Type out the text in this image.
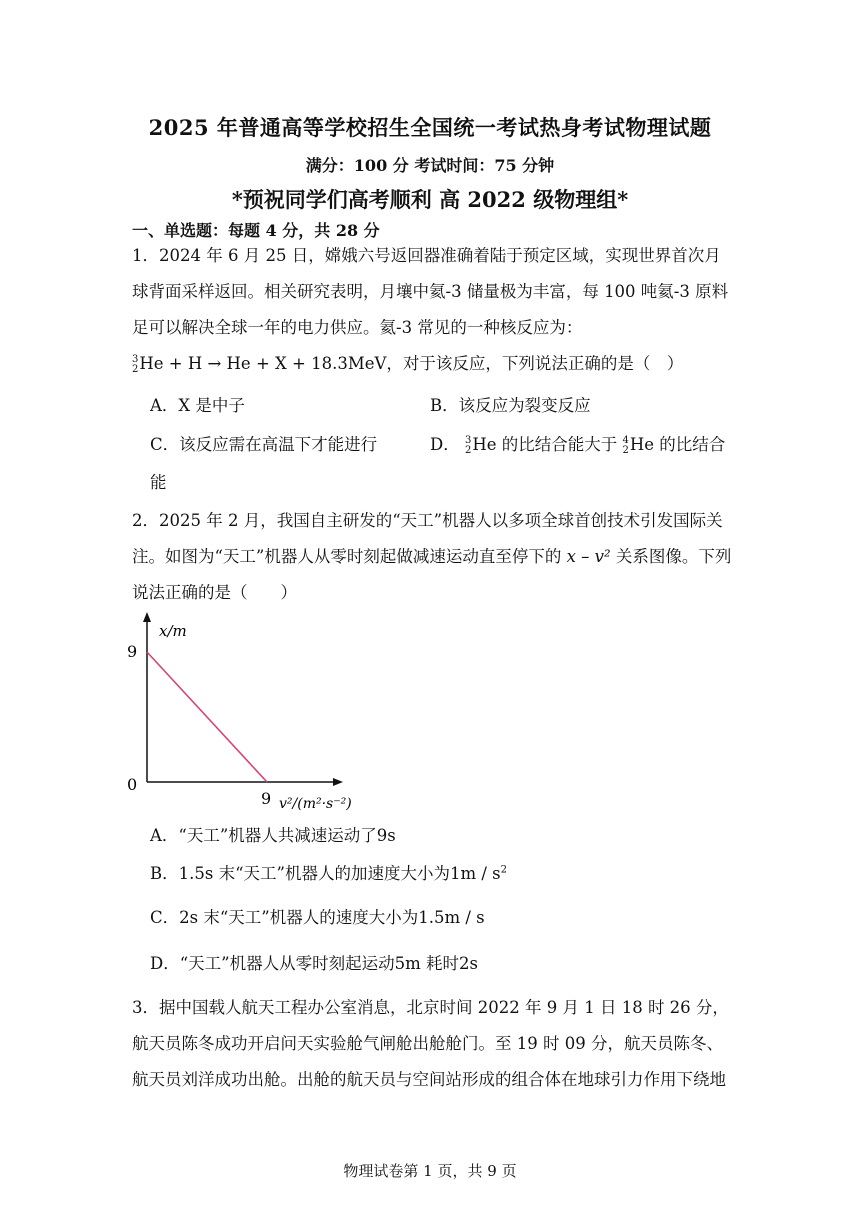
2025 年普通高等学校招生全国统一考试热身考试物理试题
满分：100 分 考试时间：75 分钟
*预祝同学们高考顺利 高 2022 级物理组*
一、单选题：每题 4 分，共 28 分
1．2024 年 6 月 25 日，嫦娥六号返回器准确着陆于预定区域，实现世界首次月球背面采样返回。相关研究表明，月壤中氦-3 储量极为丰富，每 100 吨氦-3 原料足可以解决全球一年的电力供应。氦-3 常见的一种核反应为：
3
2 He + H → He + X + 18.3MeV，对于该反应，下列说法正确的是（　）
A．X 是中子	B．该反应为裂变反应
C．该反应需在高温下才能进行	D． 3
2 He 的比结合能大于 4
2 He 的比结合
能
2．2025 年 2 月，我国自主研发的“天工”机器人以多项全球首创技术引发国际关注。如图为“天工”机器人从零时刻起做减速运动直至停下的 x – v² 关系图像。下列说法正确的是（　　）
x/m
9
0
9 v²/(m²·s⁻²)
A．“天工”机器人共减速运动了9s
B．1.5s 末“天工”机器人的加速度大小为$1m / s^2$
C．2s 末“天工”机器人的速度大小为1.5m / s
D．“天工”机器人从零时刻起运动5m 耗时2s
3．据中国载人航天工程办公室消息，北京时间 2022 年 9 月 1 日 18 时 26 分，航天员陈冬成功开启问天实验舱气闸舱出舱舱门。至 19 时 09 分，航天员陈冬、航天员刘洋成功出舱。出舱的航天员与空间站形成的组合体在地球引力作用下绕地
物理试卷第 1 页，共 9 页
